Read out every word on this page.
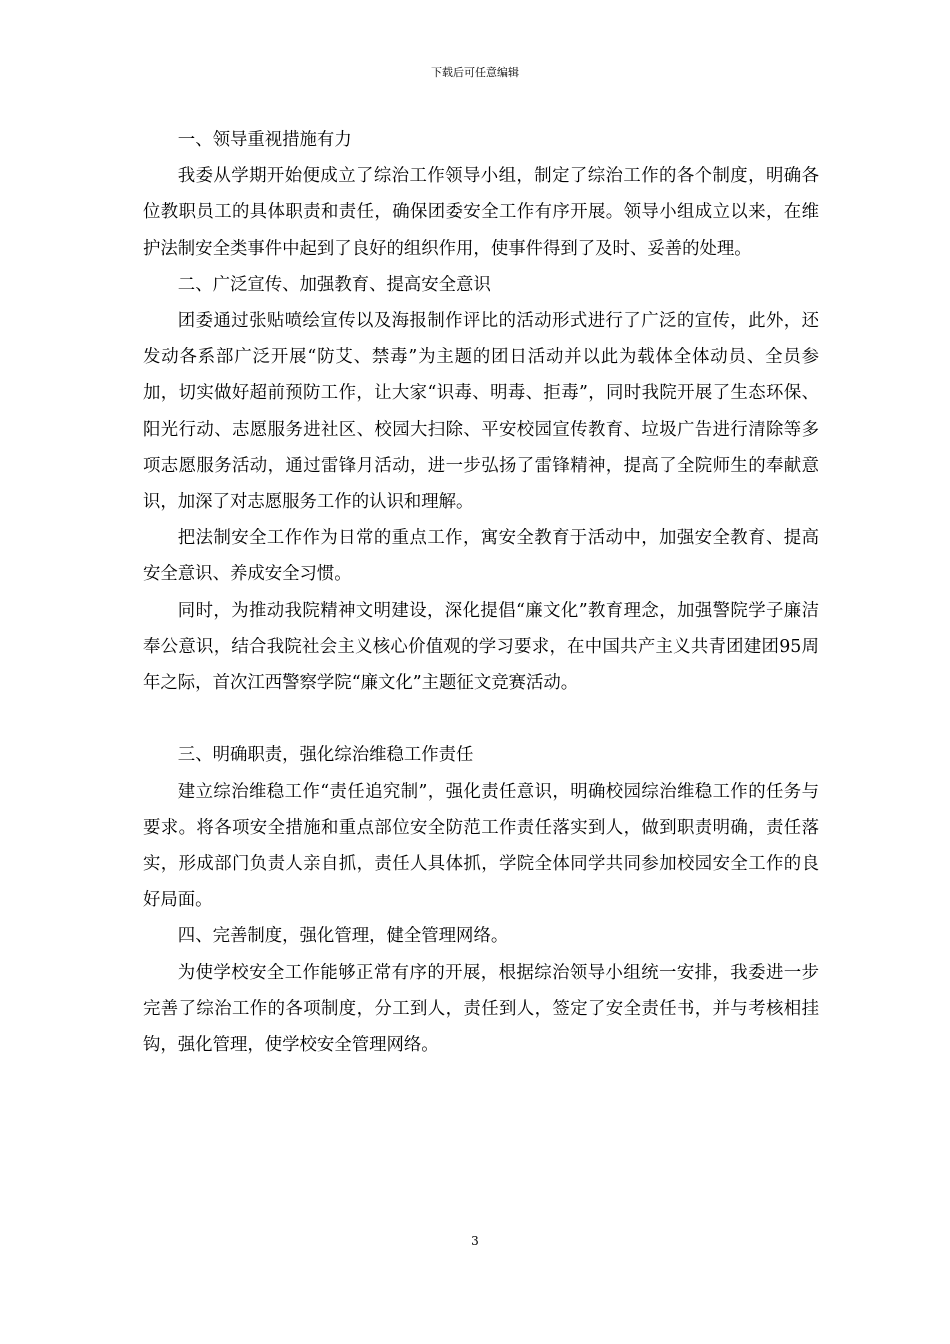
下载后可任意编辑

一、领导重视措施有力

我委从学期开始便成立了综治工作领导小组，制定了综治工作的各个制度，明确各位教职员工的具体职责和责任，确保团委安全工作有序开展。领导小组成立以来，在维护法制安全类事件中起到了良好的组织作用，使事件得到了及时、妥善的处理。

二、广泛宣传、加强教育、提高安全意识

团委通过张贴喷绘宣传以及海报制作评比的活动形式进行了广泛的宣传，此外，还发动各系部广泛开展“防艾、禁毒”为主题的团日活动并以此为载体全体动员、全员参加，切实做好超前预防工作，让大家“识毒、明毒、拒毒”，同时我院开展了生态环保、阳光行动、志愿服务进社区、校园大扫除、平安校园宣传教育、垃圾广告进行清除等多项志愿服务活动，通过雷锋月活动，进一步弘扬了雷锋精神，提高了全院师生的奉献意识，加深了对志愿服务工作的认识和理解。

把法制安全工作作为日常的重点工作，寓安全教育于活动中，加强安全教育、提高安全意识、养成安全习惯。

同时，为推动我院精神文明建设，深化提倡“廉文化”教育理念，加强警院学子廉洁奉公意识，结合我院社会主义核心价值观的学习要求，在中国共产主义共青团建团95周年之际，首次江西警察学院“廉文化”主题征文竞赛活动。

三、明确职责，强化综治维稳工作责任

建立综治维稳工作“责任追究制”，强化责任意识，明确校园综治维稳工作的任务与要求。将各项安全措施和重点部位安全防范工作责任落实到人，做到职责明确，责任落实，形成部门负责人亲自抓，责任人具体抓，学院全体同学共同参加校园安全工作的良好局面。

四、完善制度，强化管理，健全管理网络。

为使学校安全工作能够正常有序的开展，根据综治领导小组统一安排，我委进一步完善了综治工作的各项制度，分工到人，责任到人，签定了安全责任书，并与考核相挂钩，强化管理，使学校安全管理网络。

3
